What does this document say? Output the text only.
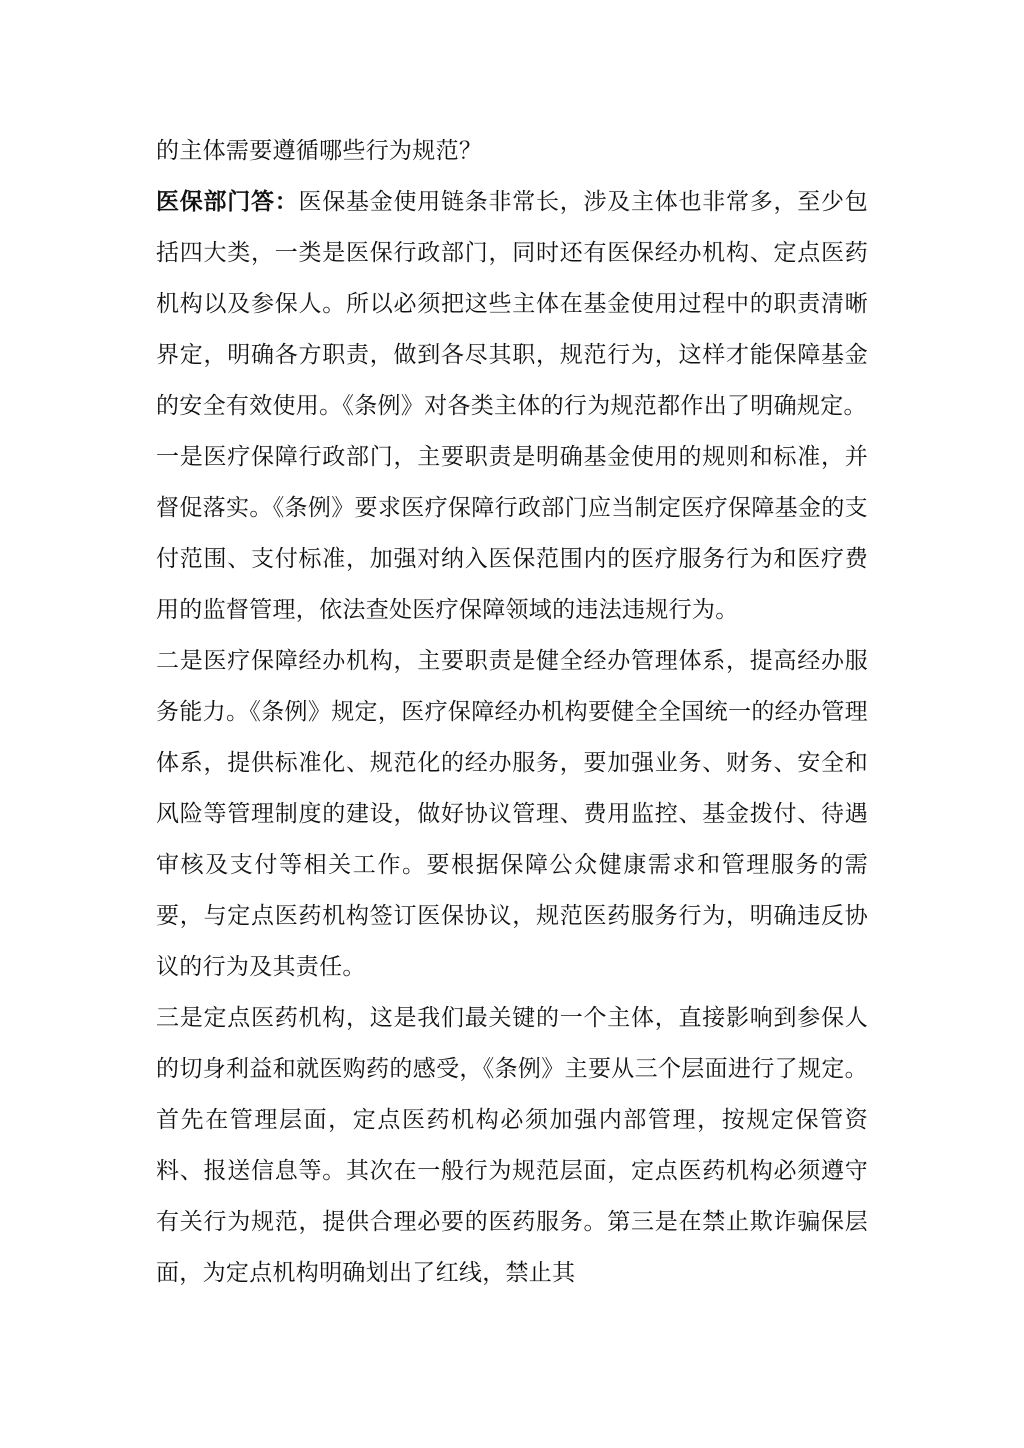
的主体需要遵循哪些行为规范？

医保部门答：医保基金使用链条非常长，涉及主体也非常多，至少包括四大类，一类是医保行政部门，同时还有医保经办机构、定点医药机构以及参保人。所以必须把这些主体在基金使用过程中的职责清晰界定，明确各方职责，做到各尽其职，规范行为，这样才能保障基金的安全有效使用。《条例》对各类主体的行为规范都作出了明确规定。

一是医疗保障行政部门，主要职责是明确基金使用的规则和标准，并督促落实。《条例》要求医疗保障行政部门应当制定医疗保障基金的支付范围、支付标准，加强对纳入医保范围内的医疗服务行为和医疗费用的监督管理，依法查处医疗保障领域的违法违规行为。

二是医疗保障经办机构，主要职责是健全经办管理体系，提高经办服务能力。《条例》规定，医疗保障经办机构要健全全国统一的经办管理体系，提供标准化、规范化的经办服务，要加强业务、财务、安全和风险等管理制度的建设，做好协议管理、费用监控、基金拨付、待遇审核及支付等相关工作。要根据保障公众健康需求和管理服务的需要，与定点医药机构签订医保协议，规范医药服务行为，明确违反协议的行为及其责任。

三是定点医药机构，这是我们最关键的一个主体，直接影响到参保人的切身利益和就医购药的感受，《条例》主要从三个层面进行了规定。首先在管理层面，定点医药机构必须加强内部管理，按规定保管资料、报送信息等。其次在一般行为规范层面，定点医药机构必须遵守有关行为规范，提供合理必要的医药服务。第三是在禁止欺诈骗保层面，为定点机构明确划出了红线，禁止其
